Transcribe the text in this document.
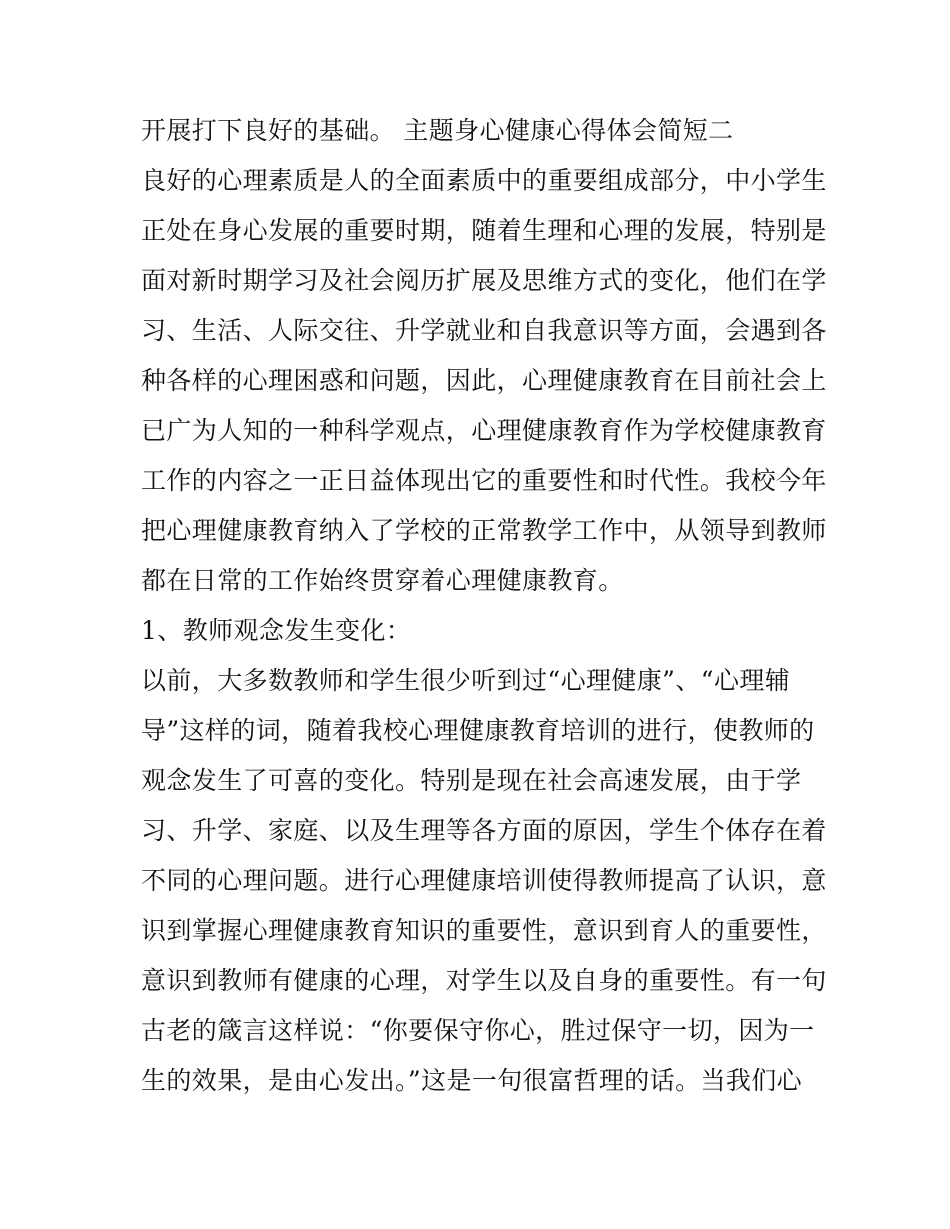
开展打下良好的基础。 主题身心健康心得体会简短二
良好的心理素质是人的全面素质中的重要组成部分，中小学生
正处在身心发展的重要时期，随着生理和心理的发展，特别是
面对新时期学习及社会阅历扩展及思维方式的变化，他们在学
习、生活、人际交往、升学就业和自我意识等方面，会遇到各
种各样的心理困惑和问题，因此，心理健康教育在目前社会上
已广为人知的一种科学观点，心理健康教育作为学校健康教育
工作的内容之一正日益体现出它的重要性和时代性。我校今年
把心理健康教育纳入了学校的正常教学工作中，从领导到教师
都在日常的工作始终贯穿着心理健康教育。
1、教师观念发生变化：
以前，大多数教师和学生很少听到过“心理健康”、“心理辅
导”这样的词，随着我校心理健康教育培训的进行，使教师的
观念发生了可喜的变化。特别是现在社会高速发展，由于学
习、升学、家庭、以及生理等各方面的原因，学生个体存在着
不同的心理问题。进行心理健康培训使得教师提高了认识，意
识到掌握心理健康教育知识的重要性，意识到育人的重要性，
意识到教师有健康的心理，对学生以及自身的重要性。有一句
古老的箴言这样说：“你要保守你心，胜过保守一切，因为一
生的效果，是由心发出。”这是一句很富哲理的话。当我们心
